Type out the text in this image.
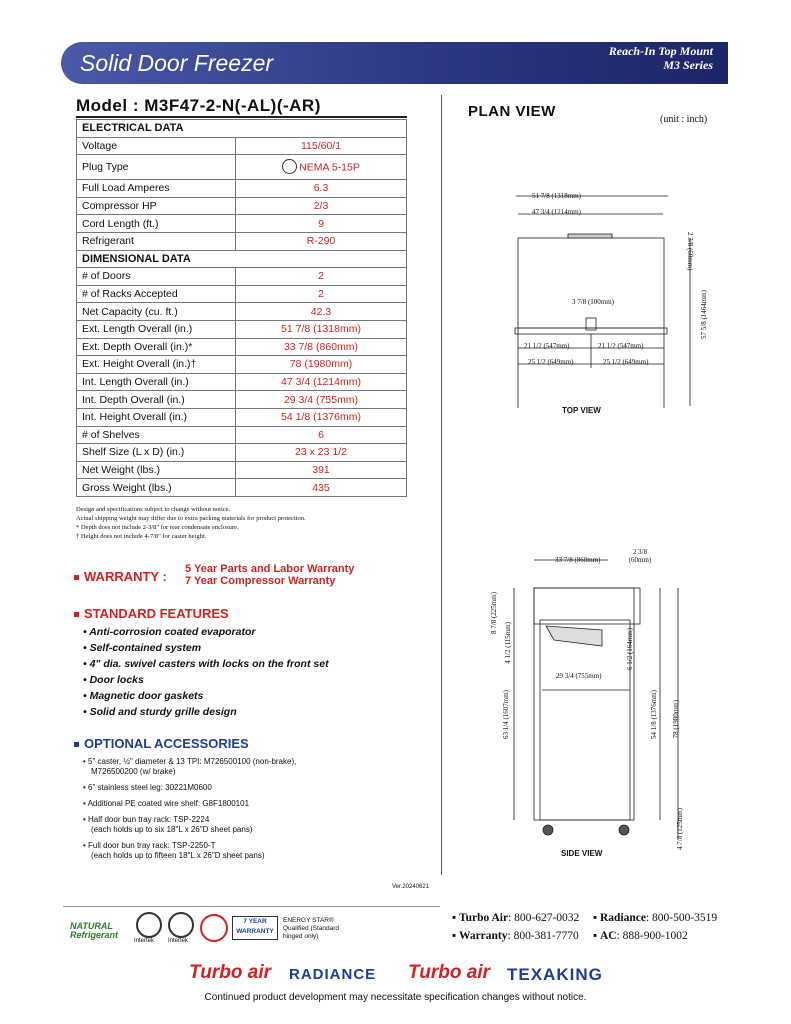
Solid Door Freezer	Reach-In Top Mount
M3 Series
Model : M3F47-2-N(-AL)(-AR)
ELECTRICAL DATA	
Voltage	115/60/1
Plug Type	NEMA 5-15P
Full Load Amperes	6.3
Compressor HP	2/3
Cord Length (ft.)	9
Refrigerant	R-290
DIMENSIONAL DATA	
# of Doors	2
# of Racks Accepted	2
Net Capacity (cu. ft.)	42.3
Ext. Length Overall (in.)	51 7/8 (1318mm)
Ext. Depth Overall (in.)*	33 7/8 (860mm)
Ext. Height Overall (in.)†	78 (1980mm)
Int. Length Overall (in.)	47 3/4 (1214mm)
Int. Depth Overall (in.)	29 3/4 (755mm)
Int. Height Overall (in.)	54 1/8 (1376mm)
# of Shelves	6
Shelf Size (L x D) (in.)	23 x 23 1/2
Net Weight (lbs.)	391
Gross Weight (lbs.)	435
Design and specifications subject to change without notice.
Actual shipping weight may differ due to extra packing materials for product protection.
* Depth does not include 2-3/8" for rear condensate enclosure.
† Height does not include 4-7/8" for caster height.
WARRANTY : 5 Year Parts and Labor Warranty
7 Year Compressor Warranty
STANDARD FEATURES
• Anti-corrosion coated evaporator
• Self-contained system
• 4" dia. swivel casters with locks on the front set
• Door locks
• Magnetic door gaskets
• Solid and sturdy grille design
OPTIONAL ACCESSORIES
• 5" caster, ½" diameter & 13 TPI: M726500100 (non-brake),
M726500200 (w/ brake)
• 6" stainless steel leg: 30221M0600
• Additional PE coated wire shelf: G8F1800101
• Half door bun tray rack: TSP-2224
(each holds up to six 18"L x 26"D sheet pans)
• Full door bun tray rack: TSP-2250-T
(each holds up to fifteen 18"L x 26"D sheet pans)
Ver.20240621
PLAN VIEW	(unit : inch)
51 7/8 (1318mm)
47 3/4 (1214mm)
2 3/8 (60mm)
3 7/8 (100mm)
21 1/2 (547mm)	21 1/2 (547mm)
25 1/2 (649mm)	25 1/2 (649mm)
57 5/8 (1464mm)
TOP VIEW
33 7/8 (860mm)
2 3/8 (60mm)
8 7/8 (225mm)
4 1/2 (115mm)	6 1/2 (164mm)
29 3/4 (755mm)
63 1/4 (1607mm)	54 1/8 (1376mm) 78 (1980mm)
4 7/8 (125mm)
SIDE VIEW
NATURAL Refrigerant
Intertek Intertek
7 YEAR WARRANTY
ENERGY STAR® Qualified (Standard hinged only)
▪ Turbo Air: 800-627-0032 ▪ Radiance: 800-500-3519
▪ Warranty: 800-381-7770 ▪ AC: 888-900-1002
Turbo air RADIANCE Turbo air TEXAKING
Continued product development may necessitate specification changes without notice.
